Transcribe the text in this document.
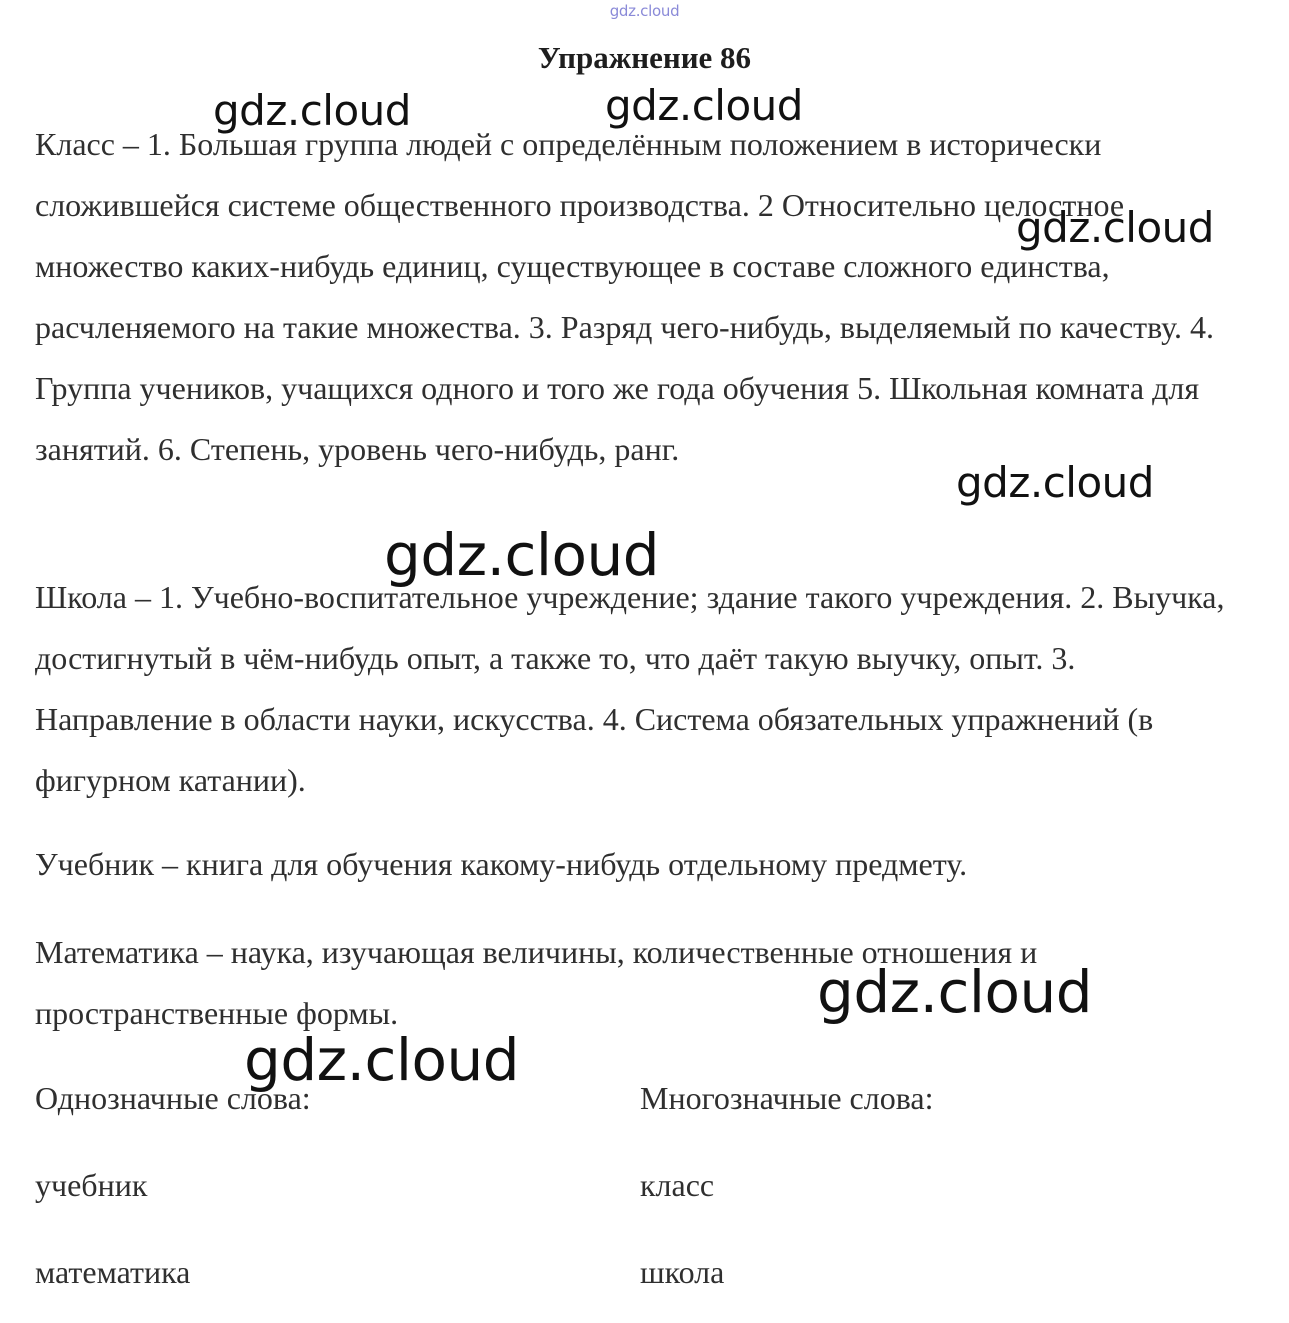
gdz.cloud
Упражнение 86
Класс – 1. Большая группа людей с определённым положением в исторически сложившейся системе общественного производства. 2 Относительно целостное множество каких-нибудь единиц, существующее в составе сложного единства, расчленяемого на такие множества. 3. Разряд чего-нибудь, выделяемый по качеству. 4. Группа учеников, учащихся одного и того же года обучения 5. Школьная комната для занятий. 6. Степень, уровень чего-нибудь, ранг.
Школа – 1. Учебно-воспитательное учреждение; здание такого учреждения. 2. Выучка, достигнутый в чём-нибудь опыт, а также то, что даёт такую выучку, опыт. 3. Направление в области науки, искусства. 4. Система обязательных упражнений (в фигурном катании).
Учебник – книга для обучения какому-нибудь отдельному предмету.
Математика – наука, изучающая величины, количественные отношения и пространственные формы.
Однозначные слова:
учебник
математика
Многозначные слова:
класс
школа
gdz.cloud	gdz.cloud
gdz.cloud
gdz.cloud
gdz.cloud
gdz.cloud
gdz.cloud
